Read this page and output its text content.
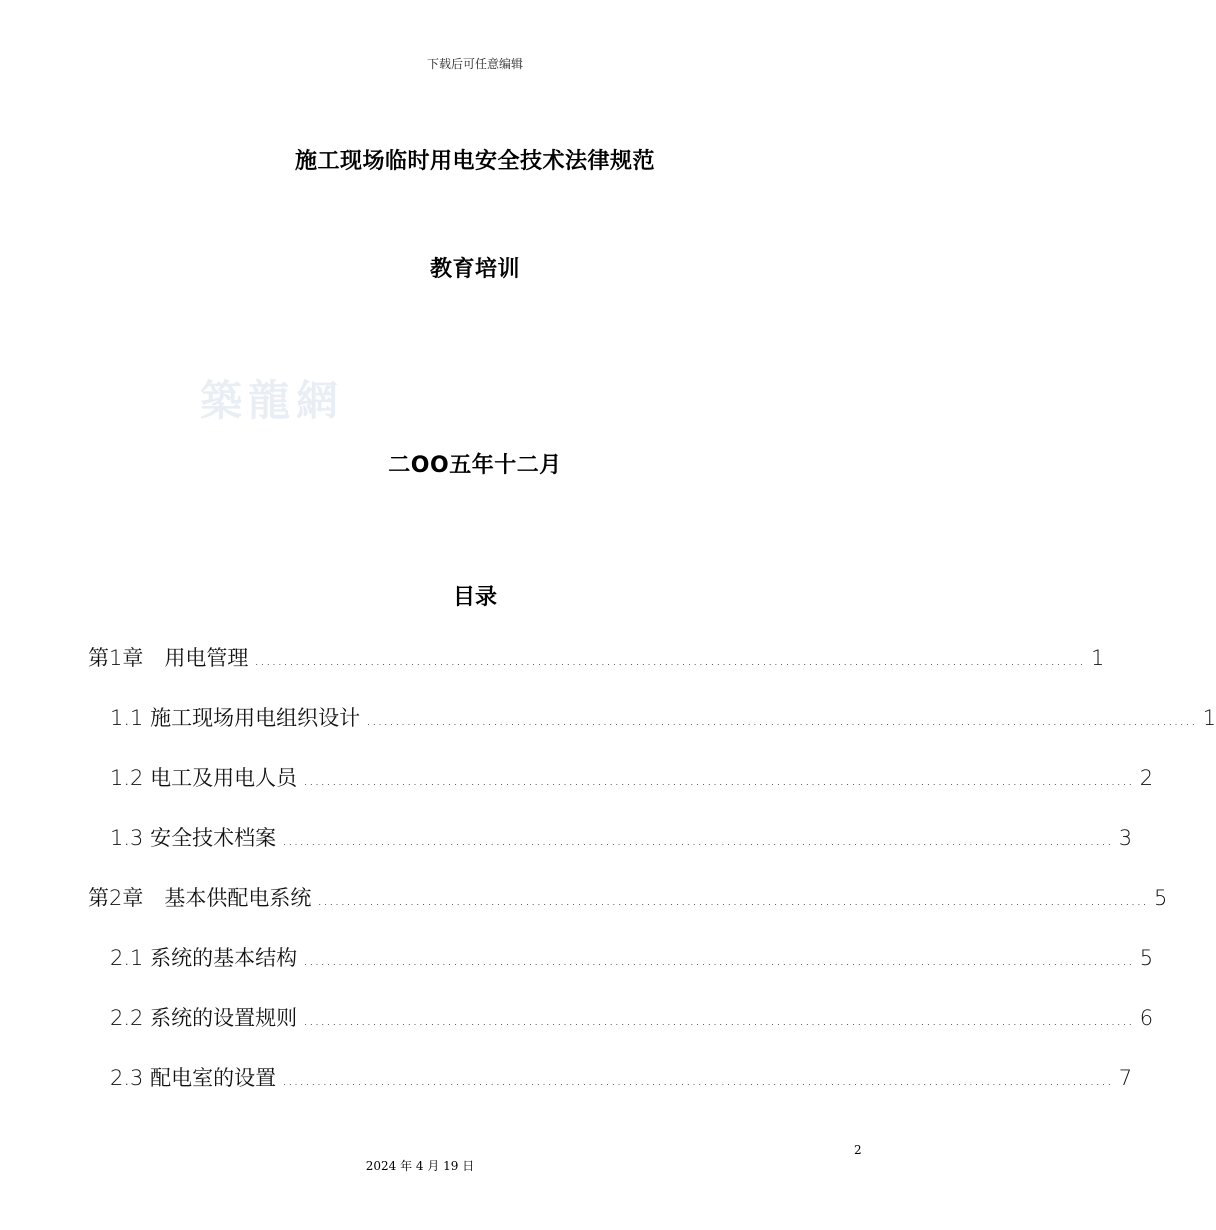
下载后可任意编辑
施工现场临时用电安全技术法律规范
教育培训
築龍網
二OO五年十二月
目录
第1章　用电管理 ................................................................................................................................................ 1
1.1 施工现场用电组织设计 ................................................................................................................................................ 1
1.2 电工及用电人员 ................................................................................................................................................ 2
1.3 安全技术档案 ................................................................................................................................................ 3
第2章　基本供配电系统 ................................................................................................................................................ 5
2.1 系统的基本结构 ................................................................................................................................................ 5
2.2 系统的设置规则 ................................................................................................................................................ 6
2.3 配电室的设置 ................................................................................................................................................ 7
2
2024 年 4 月 19 日
